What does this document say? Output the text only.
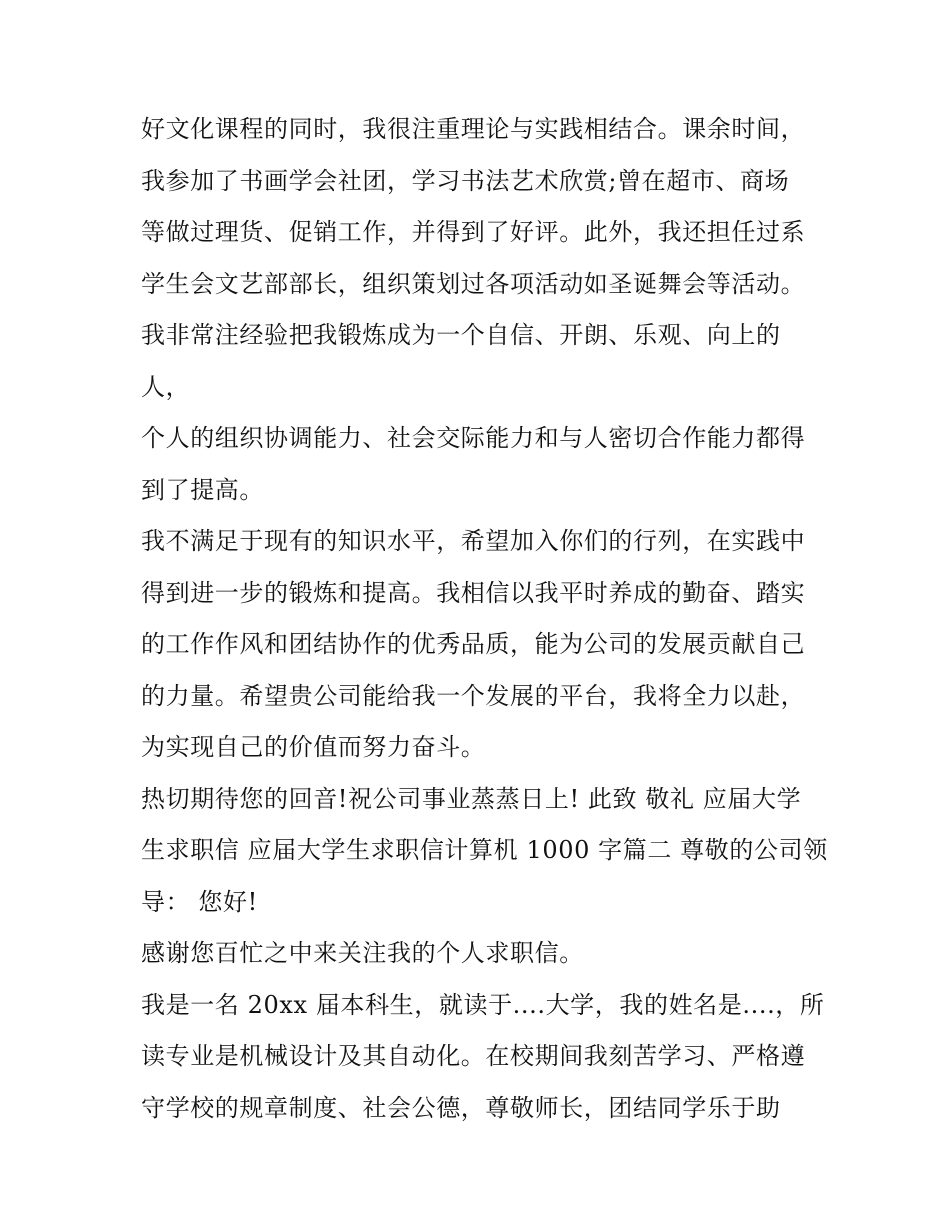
好文化课程的同时，我很注重理论与实践相结合。课余时间，
我参加了书画学会社团，学习书法艺术欣赏;曾在超市、商场
等做过理货、促销工作，并得到了好评。此外，我还担任过系
学生会文艺部部长，组织策划过各项活动如圣诞舞会等活动。
我非常注经验把我锻炼成为一个自信、开朗、乐观、向上的
人，
个人的组织协调能力、社会交际能力和与人密切合作能力都得
到了提高。
我不满足于现有的知识水平，希望加入你们的行列，在实践中
得到进一步的锻炼和提高。我相信以我平时养成的勤奋、踏实
的工作作风和团结协作的优秀品质，能为公司的发展贡献自己
的力量。希望贵公司能给我一个发展的平台，我将全力以赴，
为实现自己的价值而努力奋斗。
热切期待您的回音!祝公司事业蒸蒸日上! 此致 敬礼 应届大学
生求职信 应届大学生求职信计算机 1000 字篇二 尊敬的公司领
导： 您好!
感谢您百忙之中来关注我的个人求职信。
我是一名 20xx 届本科生，就读于....大学，我的姓名是....，所
读专业是机械设计及其自动化。在校期间我刻苦学习、严格遵
守学校的规章制度、社会公德，尊敬师长，团结同学乐于助
